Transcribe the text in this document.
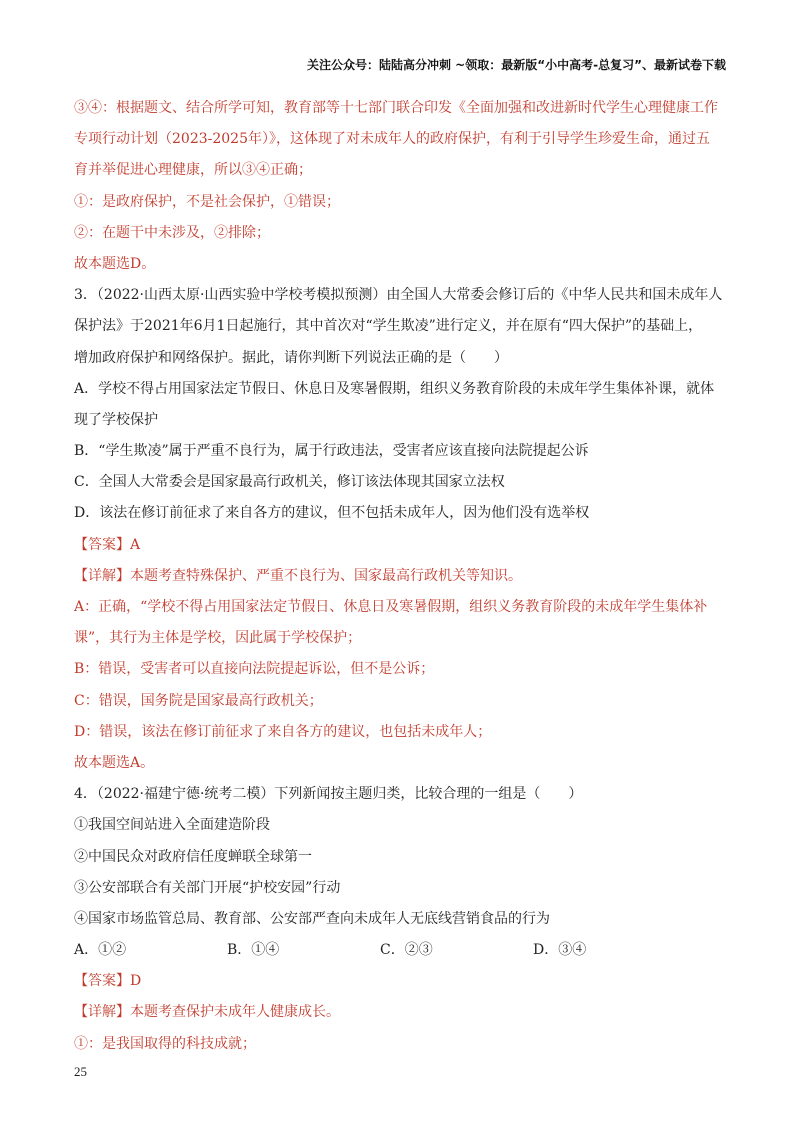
关注公众号：陆陆高分冲刺 ~领取：最新版“小中高考-总复习”、最新试卷下载
③④：根据题文、结合所学可知，教育部等十七部门联合印发《全面加强和改进新时代学生心理健康工作
专项行动计划（2023-2025年）》，这体现了对未成年人的政府保护，有利于引导学生珍爱生命，通过五
育并举促进心理健康，所以③④正确；
①：是政府保护，不是社会保护，①错误；
②：在题干中未涉及，②排除；
故本题选D。
3．（2022·山西太原·山西实验中学校考模拟预测）由全国人大常委会修订后的《中华人民共和国未成年人
保护法》于2021年6月1日起施行，其中首次对“学生欺凌”进行定义，并在原有“四大保护”的基础上，
增加政府保护和网络保护。据此，请你判断下列说法正确的是（　　）
A．学校不得占用国家法定节假日、休息日及寒暑假期，组织义务教育阶段的未成年学生集体补课，就体
现了学校保护
B．“学生欺凌”属于严重不良行为，属于行政违法，受害者应该直接向法院提起公诉
C．全国人大常委会是国家最高行政机关，修订该法体现其国家立法权
D．该法在修订前征求了来自各方的建议，但不包括未成年人，因为他们没有选举权
【答案】A
【详解】本题考查特殊保护、严重不良行为、国家最高行政机关等知识。
A：正确，“学校不得占用国家法定节假日、休息日及寒暑假期，组织义务教育阶段的未成年学生集体补
课”，其行为主体是学校，因此属于学校保护；
B：错误，受害者可以直接向法院提起诉讼，但不是公诉；
C：错误，国务院是国家最高行政机关；
D：错误，该法在修订前征求了来自各方的建议，也包括未成年人；
故本题选A。
4．（2022·福建宁德·统考二模）下列新闻按主题归类，比较合理的一组是（　　）
①我国空间站进入全面建造阶段
②中国民众对政府信任度蝉联全球第一
③公安部联合有关部门开展“护校安园”行动
④国家市场监管总局、教育部、公安部严查向未成年人无底线营销食品的行为
A．①②	B．①④	C．②③	D．③④
【答案】D
【详解】本题考查保护未成年人健康成长。
①：是我国取得的科技成就；
25
